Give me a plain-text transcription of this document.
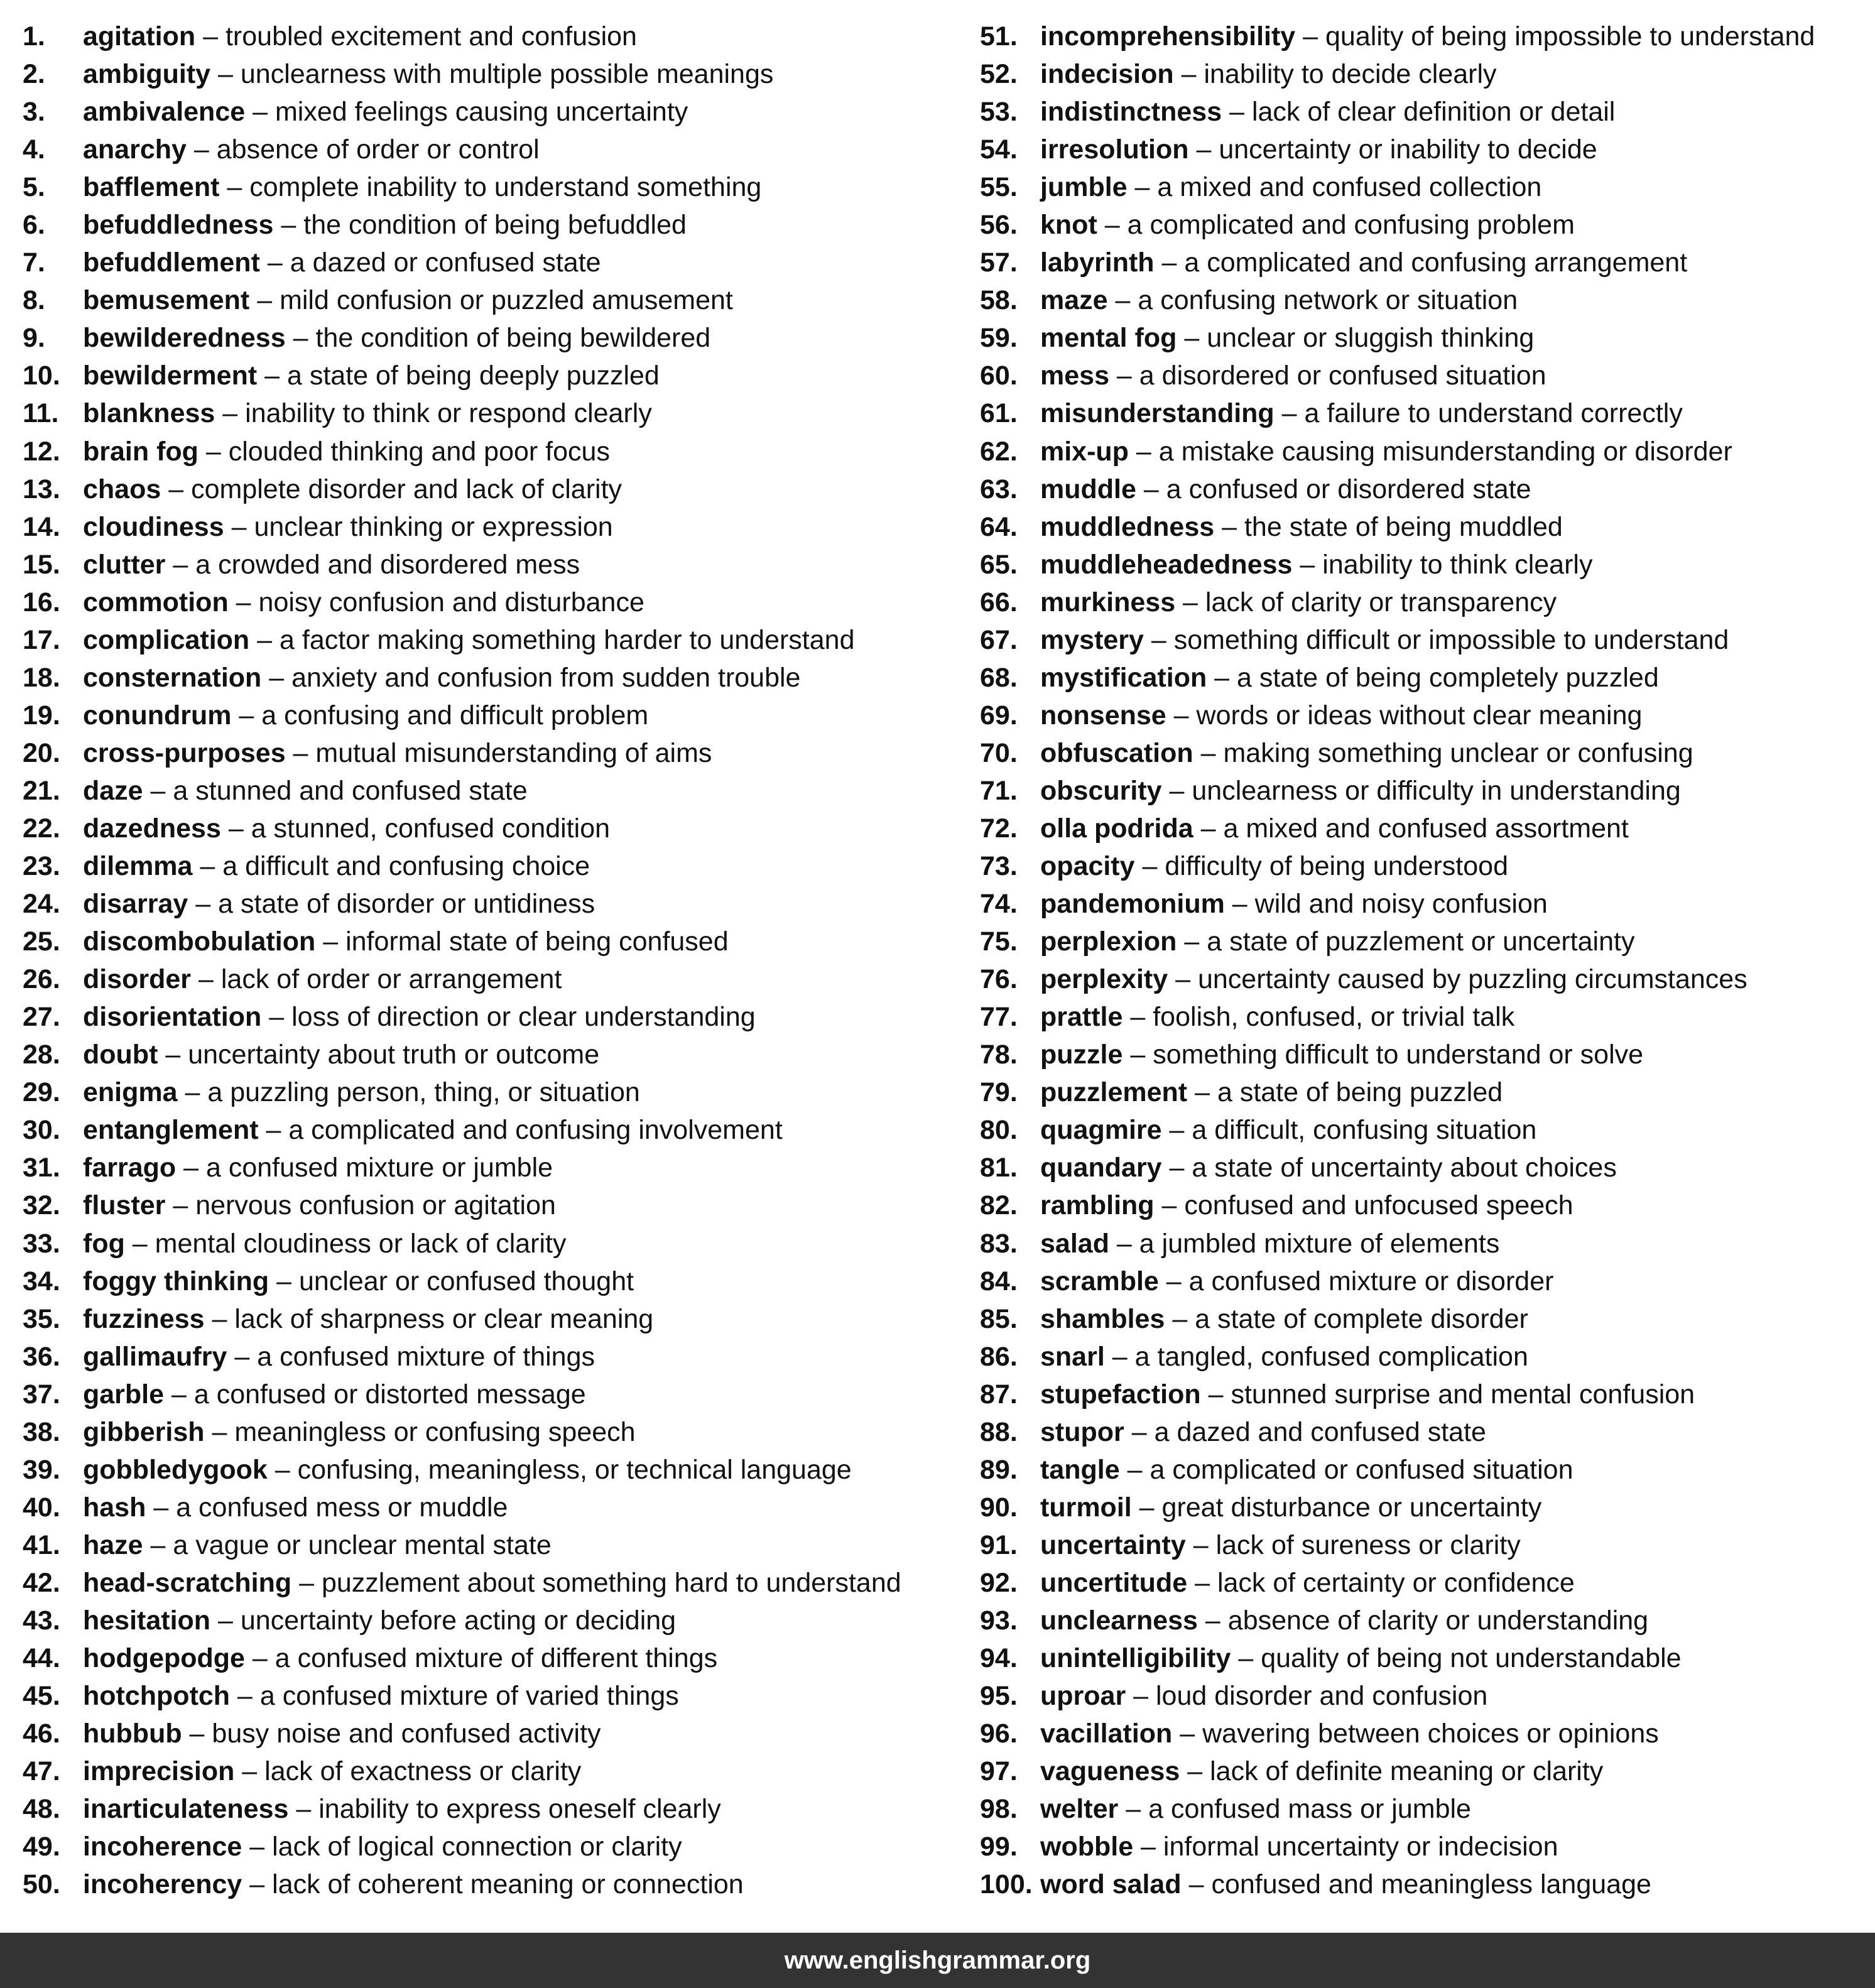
1. agitation – troubled excitement and confusion
2. ambiguity – unclearness with multiple possible meanings
3. ambivalence – mixed feelings causing uncertainty
4. anarchy – absence of order or control
5. bafflement – complete inability to understand something
6. befuddledness – the condition of being befuddled
7. befuddlement – a dazed or confused state
8. bemusement – mild confusion or puzzled amusement
9. bewilderedness – the condition of being bewildered
10. bewilderment – a state of being deeply puzzled
11. blankness – inability to think or respond clearly
12. brain fog – clouded thinking and poor focus
13. chaos – complete disorder and lack of clarity
14. cloudiness – unclear thinking or expression
15. clutter – a crowded and disordered mess
16. commotion – noisy confusion and disturbance
17. complication – a factor making something harder to understand
18. consternation – anxiety and confusion from sudden trouble
19. conundrum – a confusing and difficult problem
20. cross-purposes – mutual misunderstanding of aims
21. daze – a stunned and confused state
22. dazedness – a stunned, confused condition
23. dilemma – a difficult and confusing choice
24. disarray – a state of disorder or untidiness
25. discombobulation – informal state of being confused
26. disorder – lack of order or arrangement
27. disorientation – loss of direction or clear understanding
28. doubt – uncertainty about truth or outcome
29. enigma – a puzzling person, thing, or situation
30. entanglement – a complicated and confusing involvement
31. farrago – a confused mixture or jumble
32. fluster – nervous confusion or agitation
33. fog – mental cloudiness or lack of clarity
34. foggy thinking – unclear or confused thought
35. fuzziness – lack of sharpness or clear meaning
36. gallimaufry – a confused mixture of things
37. garble – a confused or distorted message
38. gibberish – meaningless or confusing speech
39. gobbledygook – confusing, meaningless, or technical language
40. hash – a confused mess or muddle
41. haze – a vague or unclear mental state
42. head-scratching – puzzlement about something hard to understand
43. hesitation – uncertainty before acting or deciding
44. hodgepodge – a confused mixture of different things
45. hotchpotch – a confused mixture of varied things
46. hubbub – busy noise and confused activity
47. imprecision – lack of exactness or clarity
48. inarticulateness – inability to express oneself clearly
49. incoherence – lack of logical connection or clarity
50. incoherency – lack of coherent meaning or connection
51. incomprehensibility – quality of being impossible to understand
52. indecision – inability to decide clearly
53. indistinctness – lack of clear definition or detail
54. irresolution – uncertainty or inability to decide
55. jumble – a mixed and confused collection
56. knot – a complicated and confusing problem
57. labyrinth – a complicated and confusing arrangement
58. maze – a confusing network or situation
59. mental fog – unclear or sluggish thinking
60. mess – a disordered or confused situation
61. misunderstanding – a failure to understand correctly
62. mix-up – a mistake causing misunderstanding or disorder
63. muddle – a confused or disordered state
64. muddledness – the state of being muddled
65. muddleheadedness – inability to think clearly
66. murkiness – lack of clarity or transparency
67. mystery – something difficult or impossible to understand
68. mystification – a state of being completely puzzled
69. nonsense – words or ideas without clear meaning
70. obfuscation – making something unclear or confusing
71. obscurity – unclearness or difficulty in understanding
72. olla podrida – a mixed and confused assortment
73. opacity – difficulty of being understood
74. pandemonium – wild and noisy confusion
75. perplexion – a state of puzzlement or uncertainty
76. perplexity – uncertainty caused by puzzling circumstances
77. prattle – foolish, confused, or trivial talk
78. puzzle – something difficult to understand or solve
79. puzzlement – a state of being puzzled
80. quagmire – a difficult, confusing situation
81. quandary – a state of uncertainty about choices
82. rambling – confused and unfocused speech
83. salad – a jumbled mixture of elements
84. scramble – a confused mixture or disorder
85. shambles – a state of complete disorder
86. snarl – a tangled, confused complication
87. stupefaction – stunned surprise and mental confusion
88. stupor – a dazed and confused state
89. tangle – a complicated or confused situation
90. turmoil – great disturbance or uncertainty
91. uncertainty – lack of sureness or clarity
92. uncertitude – lack of certainty or confidence
93. unclearness – absence of clarity or understanding
94. unintelligibility – quality of being not understandable
95. uproar – loud disorder and confusion
96. vacillation – wavering between choices or opinions
97. vagueness – lack of definite meaning or clarity
98. welter – a confused mass or jumble
99. wobble – informal uncertainty or indecision
100. word salad – confused and meaningless language
www.englishgrammar.org
